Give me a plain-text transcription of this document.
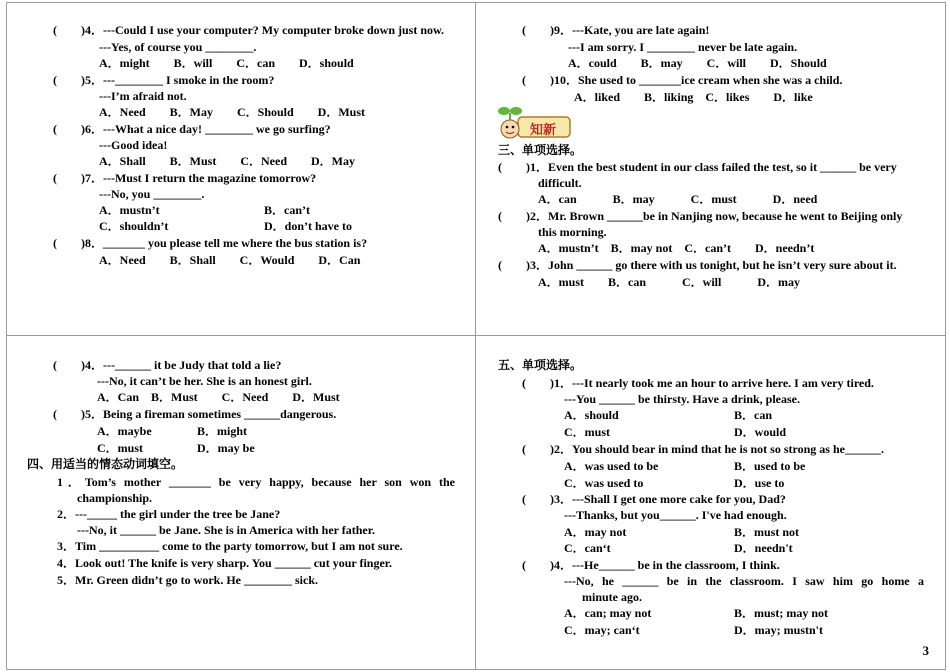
(　　)4．---Could I use your computer? My computer broke down just now.
---Yes, of course you ________.
A．might　　B．will　　C．can　　D．should
(　　)5．---________ I smoke in the room?
---I’m afraid not.
A．Need　　B．May　　C．Should　　D．Must
(　　)6．---What a nice day! ________ we go surfing?
---Good idea!
A．Shall　　B．Must　　C．Need　　D．May
(　　)7．---Must I return the magazine tomorrow?
---No, you ________.
A．mustn’t	B．can’t
C．shouldn’t	D．don’t have to
(　　)8．_______ you please tell me where the bus station is?
A．Need　　B．Shall　　C．Would　　D．Can
(　　)9．---Kate, you are late again!
---I am sorry. I ________ never be late again.
A．could　　B．may　　C．will　　D．Should
(　　)10．She used to _______ice cream when she was a child.
A．liked　　B．liking　C．likes　　D．like
知新
三、单项选择。
(　　)1．Even the best student in our class failed the test, so it ______ be very
difficult.
A．can　　　B．may　　　C．must　　　D．need
(　　)2．Mr. Brown ______be in Nanjing now, because he went to Beijing only
this morning.
A．mustn’t　B．may not　C．can’t　　D．needn’t
(　　)3．John ______ go there with us tonight, but he isn’t very sure about it.
A．must　　B．can　　　C．will　　　D．may
(　　)4．---______ it be Judy that told a lie?
---No, it can’t be her. She is an honest girl.
A．Can　B．Must　　C．Need　　D．Must
(　　)5．Being a fireman sometimes ______dangerous.
A．maybe	B．might
C．must	D．may be
四、用适当的情态动词填空。
1．Tom’s mother _______ be very happy, because her son won the
championship.
2．---_____ the girl under the tree be Jane?
---No, it ______ be Jane. She is in America with her father.
3．Tim __________ come to the party tomorrow, but I am not sure.
4．Look out! The knife is very sharp. You ______ cut your finger.
5．Mr. Green didn’t go to work. He ________ sick.
五、单项选择。
(　　)1．---It nearly took me an hour to arrive here. I am very tired.
---You ______ be thirsty. Have a drink, please.
A．should	B．can
C．must	D．would
(　　)2．You should bear in mind that he is not so strong as he______.
A．was used to be	B．used to be
C．was used to	D．use to
(　　)3．---Shall I get one more cake for you, Dad?
---Thanks, but you______. I've had enough.
A．may not	B．must not
C．can‘t	D．needn't
(　　)4．---He______ be in the classroom, I think.
---No, he ______ be in the classroom. I saw him go home a
minute ago.
A．can; may not	B．must; may not
C．may; can‘t	D．may; mustn't
3
